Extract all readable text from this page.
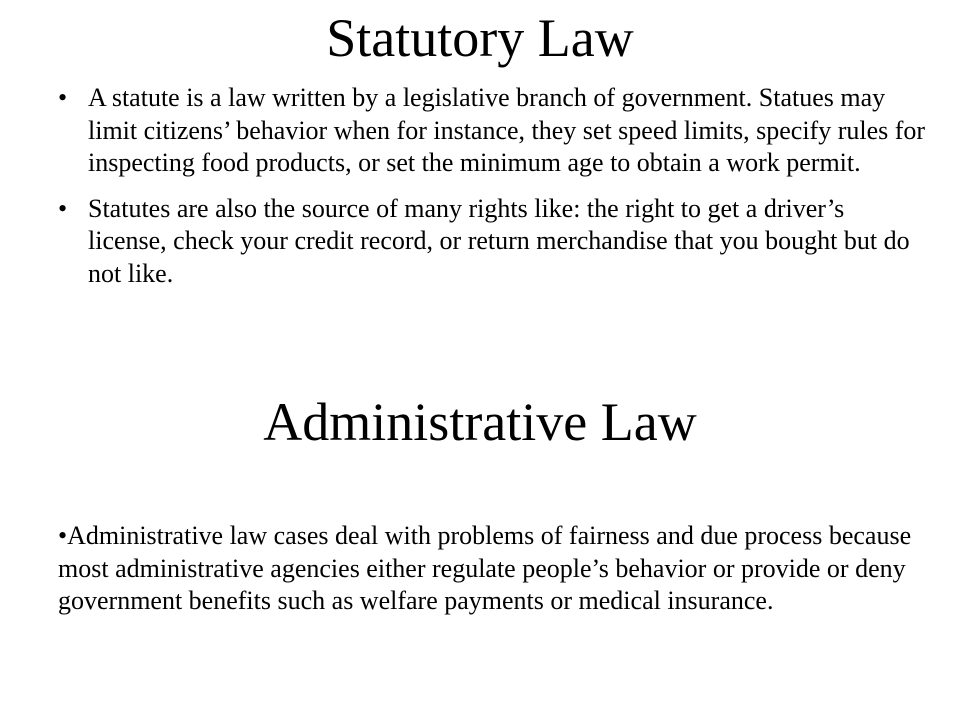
Statutory Law
• A statute is a law written by a legislative branch of government. Statues may limit citizens’ behavior when for instance, they set speed limits, specify rules for inspecting food products, or set the minimum age to obtain a work permit.
• Statutes are also the source of many rights like: the right to get a driver’s license, check your credit record, or return merchandise that you bought but do not like.
Administrative Law

•Administrative law cases deal with problems of fairness and due process because most administrative agencies either regulate people’s behavior or provide or deny government benefits such as welfare payments or medical insurance.
